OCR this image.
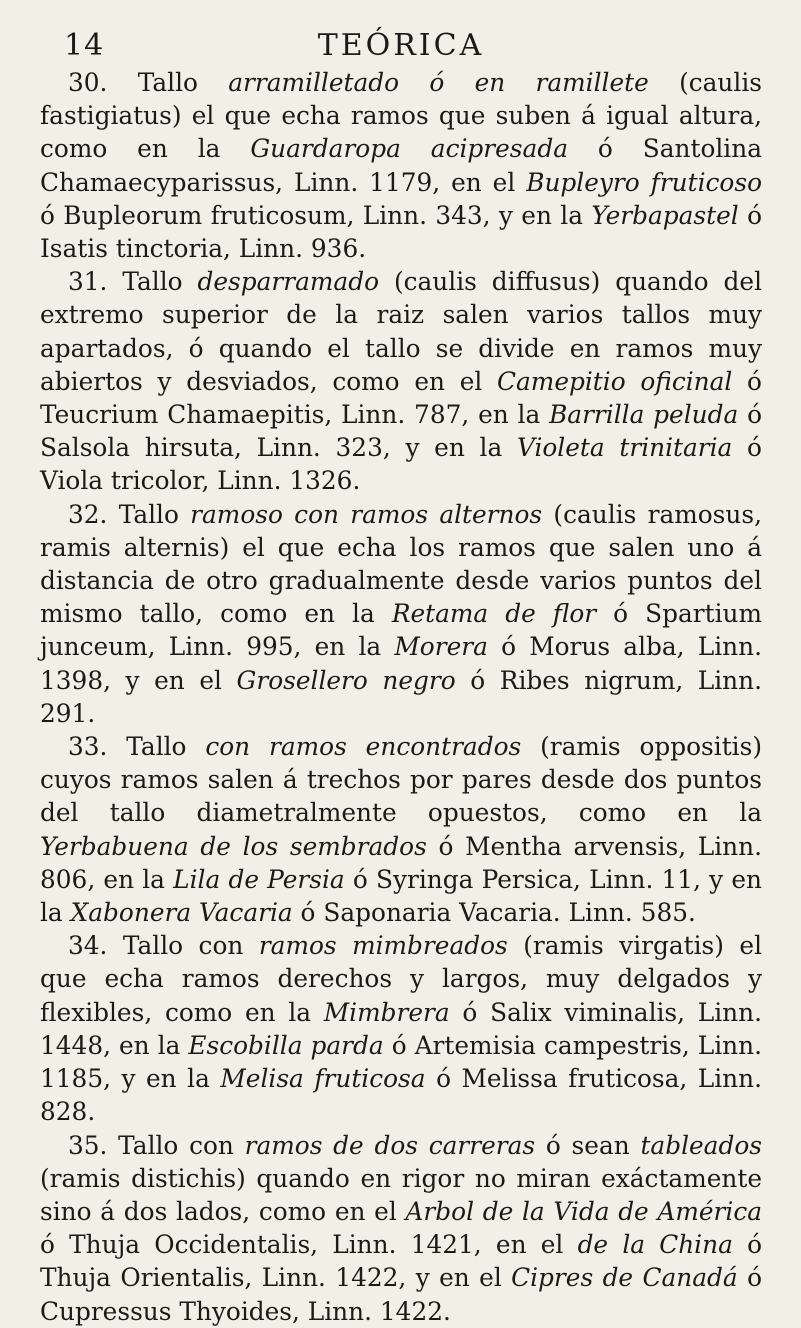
14	TEÓRICA

30. Tallo arramilletado ó en ramillete (caulis fastigiatus) el que echa ramos que suben á igual altura, como en la Guardaropa acipresada ó Santolina Chamaecyparissus, Linn. 1179, en el Bupleyro fruticoso ó Bupleorum fruticosum, Linn. 343, y en la Yerbapastel ó Isatis tinctoria, Linn. 936.

31. Tallo desparramado (caulis diffusus) quando del extremo superior de la raiz salen varios tallos muy apartados, ó quando el tallo se divide en ramos muy abiertos y desviados, como en el Camepitio oficinal ó Teucrium Chamaepitis, Linn. 787, en la Barrilla peluda ó Salsola hirsuta, Linn. 323, y en la Violeta trinitaria ó Viola tricolor, Linn. 1326.

32. Tallo ramoso con ramos alternos (caulis ramosus, ramis alternis) el que echa los ramos que salen uno á distancia de otro gradualmente desde varios puntos del mismo tallo, como en la Retama de flor ó Spartium junceum, Linn. 995, en la Morera ó Morus alba, Linn. 1398, y en el Grosellero negro ó Ribes nigrum, Linn. 291.

33. Tallo con ramos encontrados (ramis oppositis) cuyos ramos salen á trechos por pares desde dos puntos del tallo diametralmente opuestos, como en la Yerbabuena de los sembrados ó Mentha arvensis, Linn. 806, en la Lila de Persia ó Syringa Persica, Linn. 11, y en la Xabonera Vacaria ó Saponaria Vacaria. Linn. 585.

34. Tallo con ramos mimbreados (ramis virgatis) el que echa ramos derechos y largos, muy delgados y flexibles, como en la Mimbrera ó Salix viminalis, Linn. 1448, en la Escobilla parda ó Artemisia campestris, Linn. 1185, y en la Melisa fruticosa ó Melissa fruticosa, Linn. 828.

35. Tallo con ramos de dos carreras ó sean tableados (ramis distichis) quando en rigor no miran exáctamente sino á dos lados, como en el Arbol de la Vida de América ó Thuja Occidentalis, Linn. 1421, en el de la China ó Thuja Orientalis, Linn. 1422, y en el Cipres de Canadá ó Cupressus Thyoides, Linn. 1422.
